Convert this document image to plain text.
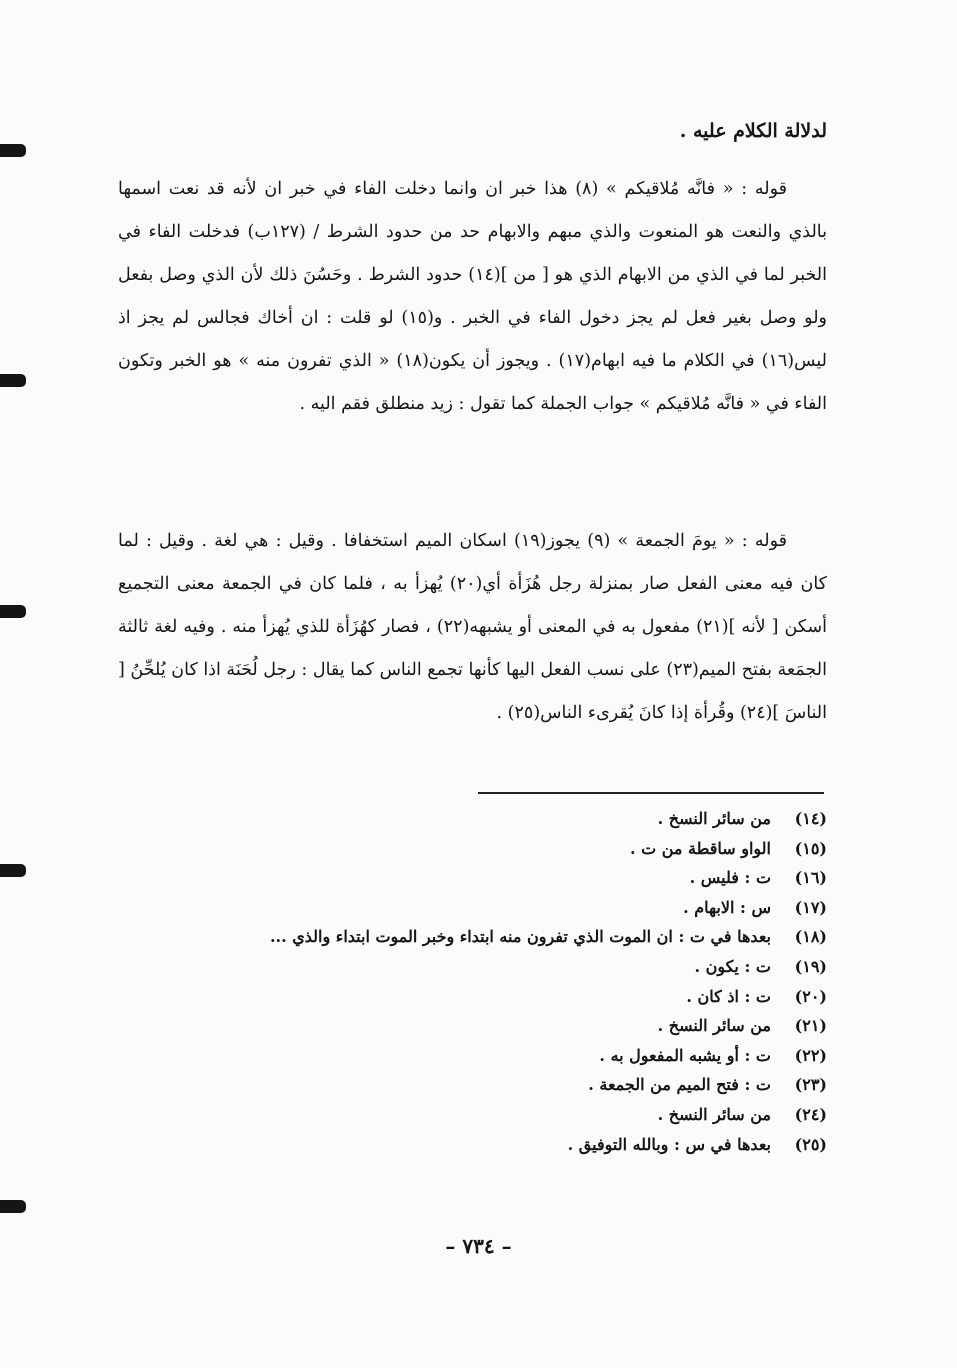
لدلالة الكلام عليه .

قوله : « فانَّه مُلاقيكم » (٨) هذا خبر ان وانما دخلت الفاء في خبر ان لأنه قد نعت اسمها بالذي والنعت هو المنعوت والذي مبهم والابهام حد من حدود الشرط / (١٢٧ب) فدخلت الفاء في الخبر لما في الذي من الابهام الذي هو [ من ](١٤) حدود الشرط . وحَسُنَ ذلك لأن الذي وصل بفعل ولو وصل بغير فعل لم يجز دخول الفاء في الخبر . و(١٥) لو قلت : ان أخاك فجالس لم يجز اذ ليس(١٦) في الكلام ما فيه ابهام(١٧) . ويجوز أن يكون(١٨) « الذي تفرون منه » هو الخبر وتكون الفاء في « فانَّه مُلاقيكم » جواب الجملة كما تقول : زيد منطلق فقم اليه .

قوله : « يومَ الجمعة » (٩) يجوز(١٩) اسكان الميم استخفافا . وقيل : هي لغة . وقيل : لما كان فيه معنى الفعل صار بمنزلة رجل هُزَأة أي(٢٠) يُهزأ به ، فلما كان في الجمعة معنى التجميع أسكن [ لأنه ](٢١) مفعول به في المعنى أو يشبهه(٢٢) ، فصار كهُزَأة للذي يُهزأ منه . وفيه لغة ثالثة الجمَعة بفتح الميم(٢٣) على نسب الفعل اليها كأنها تجمع الناس كما يقال : رجل لُحَنَة اذا كان يُلحِّنُ [ الناسَ ](٢٤) وقُرأة إذا كانَ يُقرىء الناس(٢٥) .

(١٤)
من سائر النسخ .
(١٥)
الواو ساقطة من ت .
(١٦)
ت : فليس .
(١٧)
س : الابهام .
(١٨)
بعدها في ت : ان الموت الذي تفرون منه ابتداء وخبر الموت ابتداء والذي ...
(١٩)
ت : يكون .
(٢٠)
ت : اذ كان .
(٢١)
من سائر النسخ .
(٢٢)
ت : أو يشبه المفعول به .
(٢٣)
ت : فتح الميم من الجمعة .
(٢٤)
من سائر النسخ .
(٢٥)
بعدها في س : وبالله التوفيق .
– ٧٣٤ –
